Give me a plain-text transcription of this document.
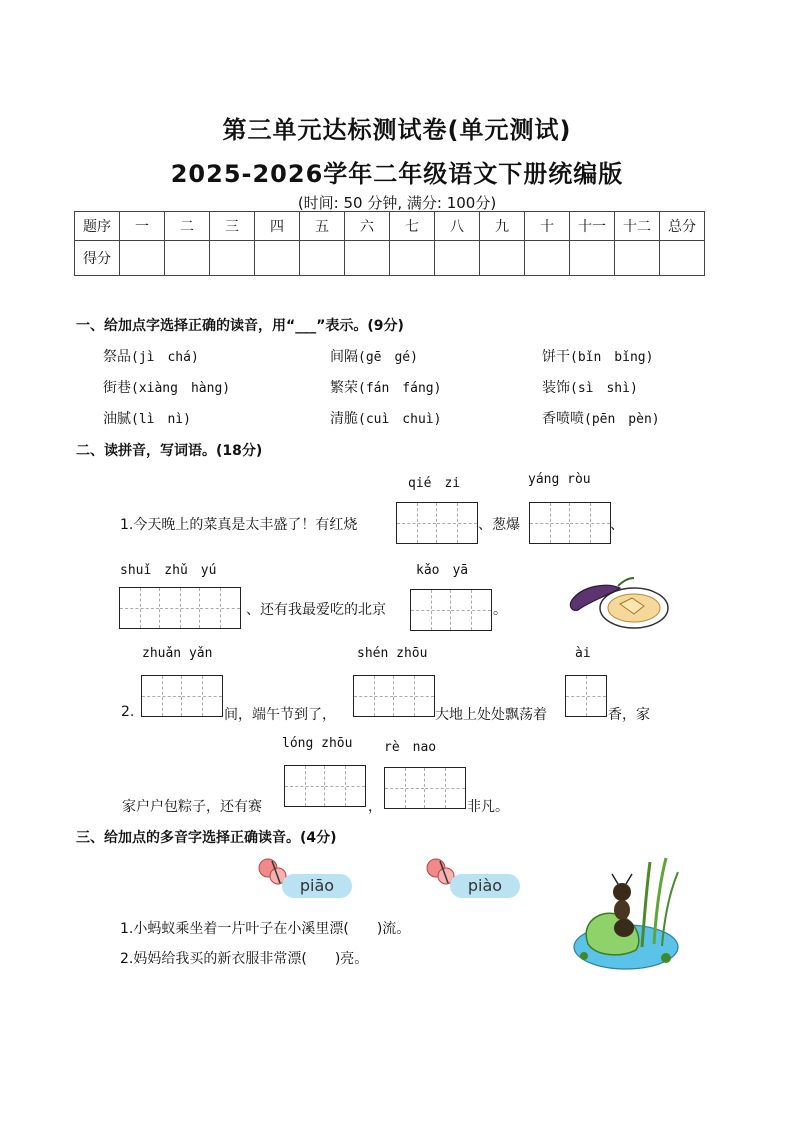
第三单元达标测试卷(单元测试)
2025-2026学年二年级语文下册统编版
(时间: 50 分钟, 满分: 100分)
题序	一	二	三	四	五	六	七	八	九	十	十一	十二	总分
得分													
一、给加点字选择正确的读音，用“___”表示。(9分)
祭品(jì　chá)	间隔(gē　gé)	饼干(bǐn　bǐng)
街巷(xiàng　hàng)	繁荣(fán　fáng)	装饰(sì　shì)
油腻(lì　nì)	清脆(cuì　chuì)	香喷喷(pēn　pèn)
二、读拼音，写词语。(18分)
qié　zi	yáng ròu
1.今天晚上的菜真是太丰盛了！有红烧	、葱爆	、
shuǐ　zhǔ　yú	kǎo　yā
、还有我最爱吃的北京	。
zhuǎn yǎn	shén zhōu	ài
2.	间，端午节到了，	大地上处处飘荡着	香，家
lóng zhōu rè　nao
家户户包粽子，还有赛	，	非凡。
三、给加点的多音字选择正确读音。(4分)
piāo	piào
1.小蚂蚁乘坐着一片叶子在小溪里漂(　　)流。
2.妈妈给我买的新衣服非常漂(　　)亮。
